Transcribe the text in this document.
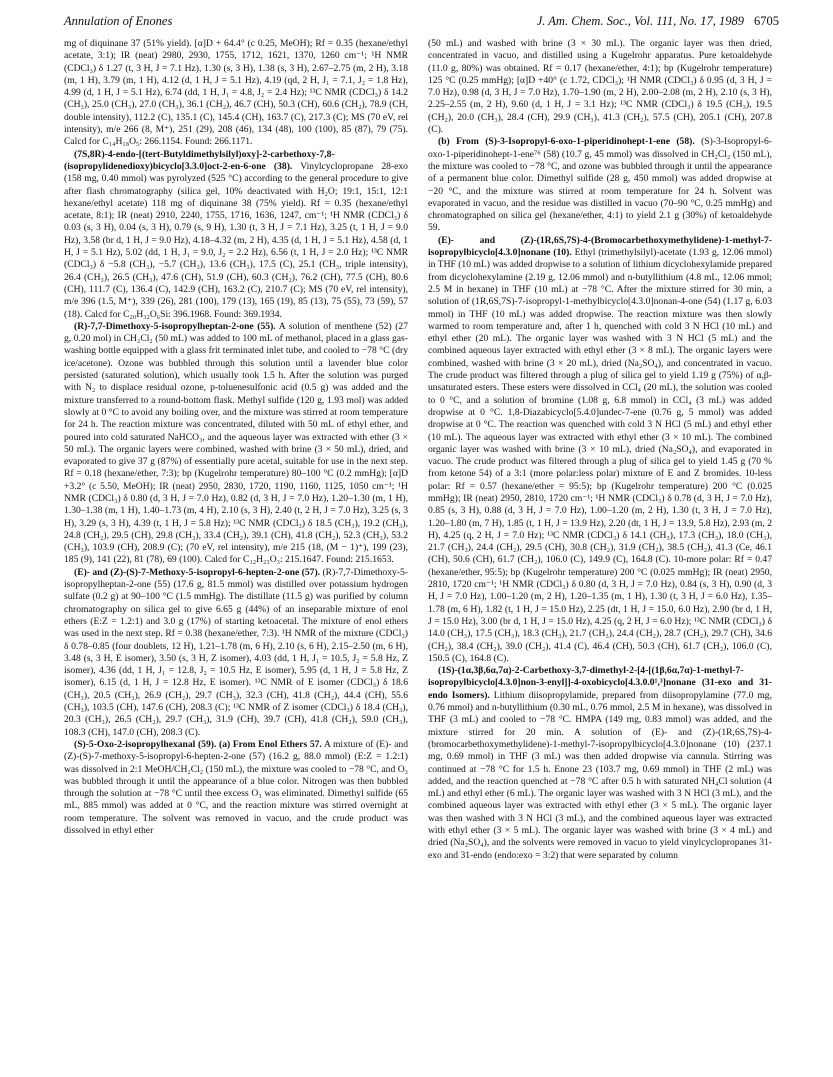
Annulation of Enones	J. Am. Chem. Soc., Vol. 111, No. 17, 1989 6705

mg of diquinane 37 (51% yield). [α]D + 64.4° (c 0.25, MeOH); Rf = 0.35 (hexane/ethyl acetate, 3:1); IR (neat) 2980, 2930, 1755, 1712, 1621, 1370, 1260 cm⁻¹; ¹H NMR (CDCl₃) δ 1.27 (t, 3 H, J = 7.1 Hz), 1.30 (s, 3 H), 1.38 (s, 3 H), 2.67–2.75 (m, 2 H), 3.18 (m, 1 H), 3.79 (m, 1 H), 4.12 (d, 1 H, J = 5.1 Hz), 4.19 (qd, 2 H, J₁ = 7.1, J₂ = 1.8 Hz), 4.99 (d, 1 H, J = 5.1 Hz), 6.74 (dd, 1 H, J₁ = 4.8, J₂ = 2.4 Hz); ¹³C NMR (CDCl₃) δ 14.2 (CH₃), 25.0 (CH₃), 27.0 (CH₃), 36.1 (CH₂), 46.7 (CH), 50.3 (CH), 60.6 (CH₂), 78.9 (CH, double intensity), 112.2 (C), 135.1 (C), 145.4 (CH), 163.7 (C), 217.3 (C); MS (70 eV, rel intensity), m/e 266 (8, M⁺), 251 (29), 208 (46), 134 (48), 100 (100), 85 (87), 79 (75). Calcd for C₁₄H₁₈O₅: 266.1154. Found: 266.1171.

(7S,8R)-4-endo-[(tert-Butyldimethylsilyl)oxy]-2-carbethoxy-7,8-(isopropylidenedioxy)bicyclo[3.3.0]oct-2-en-6-one (38). Vinylcyclopropane 28-exo (158 mg, 0.40 mmol) was pyrolyzed (525 °C) according to the general procedure to give after flash chromatography (silica gel, 10% deactivated with H₂O; 19:1, 15:1, 12:1 hexane/ethyl acetate) 118 mg of diquinane 38 (75% yield). Rf = 0.35 (hexane/ethyl acetate, 8:1); IR (neat) 2910, 2240, 1755, 1716, 1636, 1247, cm⁻¹; ¹H NMR (CDCl₃) δ 0.03 (s, 3 H), 0.04 (s, 3 H), 0.79 (s, 9 H), 1.30 (t, 3 H, J = 7.1 Hz), 3.25 (t, 1 H, J = 9.0 Hz), 3.58 (br d, 1 H, J = 9.0 Hz), 4.18–4.32 (m, 2 H), 4.35 (d, 1 H, J = 5.1 Hz), 4.58 (d, 1 H, J = 5.1 Hz), 5.02 (dd, 1 H, J₁ = 9.0, J₂ = 2.2 Hz), 6.56 (t, 1 H, J = 2.0 Hz); ¹³C NMR (CDCl₃) δ −5.8 (CH₃), −5.7 (CH₃), 13.6 (CH₃), 17.5 (C), 25.1 (CH₃, triple intensity), 26.4 (CH₃), 26.5 (CH₃), 47.6 (CH), 51.9 (CH), 60.3 (CH₂), 76.2 (CH), 77.5 (CH), 80.6 (CH), 111.7 (C), 136.4 (C), 142.9 (CH), 163.2 (C), 210.7 (C); MS (70 eV, rel intensity), m/e 396 (1.5, M⁺), 339 (26), 281 (100), 179 (13), 165 (19), 85 (13), 75 (55), 73 (59), 57 (18). Calcd for C₂₀H₃₂O₆Si: 396.1968. Found: 369.1934.

(R)-7,7-Dimethoxy-5-isopropylheptan-2-one (55). A solution of menthene (52) (27 g, 0.20 mol) in CH₂Cl₂ (50 mL) was added to 100 mL of methanol, placed in a glass gas-washing bottle equipped with a glass frit terminated inlet tube, and cooled to −78 °C (dry ice/acetone). Ozone was bubbled through this solution until a lavender blue color persisted (saturated solution), which usually took 1.5 h. After the solution was purged with N₂ to displace residual ozone, p-toluenesulfonic acid (0.5 g) was added and the mixture transferred to a round-bottom flask. Methyl sulfide (120 g, 1.93 mol) was added slowly at 0 °C to avoid any boiling over, and the mixture was stirred at room temperature for 24 h. The reaction mixture was concentrated, diluted with 50 mL of ethyl ether, and poured into cold saturated NaHCO₃, and the aqueous layer was extracted with ether (3 × 50 mL). The organic layers were combined, washed with brine (3 × 50 mL), dried, and evaporated to give 37 g (87%) of essentially pure acetal, suitable for use in the next step. Rf = 0.18 (hexane/ether, 7:3); bp (Kugelrohr temperature) 80–100 °C (0.2 mmHg); [α]D +3.2° (c 5.50, MeOH); IR (neat) 2950, 2830, 1720, 1190, 1160, 1125, 1050 cm⁻¹; ¹H NMR (CDCl₃) δ 0.80 (d, 3 H, J = 7.0 Hz), 0.82 (d, 3 H, J = 7.0 Hz), 1.20–1.30 (m, 1 H), 1.30–1.38 (m, 1 H), 1.40–1.73 (m, 4 H), 2.10 (s, 3 H), 2.40 (t, 2 H, J = 7.0 Hz), 3.25 (s, 3 H), 3.29 (s, 3 H), 4.39 (t, 1 H, J = 5.8 Hz); ¹³C NMR (CDCl₃) δ 18.5 (CH₃), 19.2 (CH₃), 24.8 (CH₂), 29.5 (CH), 29.8 (CH₃), 33.4 (CH₂), 39.1 (CH), 41.8 (CH₂), 52.3 (CH₃), 53.2 (CH₃), 103.9 (CH), 208.9 (C); (70 eV, rel intensity), m/e 215 (18, (M − 1)⁺), 199 (23), 185 (9), 141 (22), 81 (78), 69 (100). Calcd for C₁₂H₂₃O₃: 215.1647. Found: 215.1653.

(E)- and (Z)-(S)-7-Methoxy-5-isopropyl-6-hepten-2-one (57). (R)-7,7-Dimethoxy-5-isopropylheptan-2-one (55) (17.6 g, 81.5 mmol) was distilled over potassium hydrogen sulfate (0.2 g) at 90–100 °C (1.5 mmHg). The distillate (11.5 g) was purified by column chromatography on silica gel to give 6.65 g (44%) of an inseparable mixture of enol ethers (E:Z = 1.2:1) and 3.0 g (17%) of starting ketoacetal. The mixture of enol ethers was used in the next step. Rf = 0.38 (hexane/ether, 7:3). ¹H NMR of the mixture (CDCl₃) δ 0.78–0.85 (four doublets, 12 H), 1.21–1.78 (m, 6 H), 2.10 (s, 6 H), 2.15–2.50 (m, 6 H), 3.48 (s, 3 H, E isomer), 3.50 (s, 3 H, Z isomer), 4.03 (dd, 1 H, J₁ = 10.5, J₂ = 5.8 Hz, Z isomer), 4.36 (dd, 1 H, J₁ = 12.8, J₂ = 10.5 Hz, E isomer), 5.95 (d, 1 H, J = 5.8 Hz, Z isomer), 6.15 (d, 1 H, J = 12.8 Hz, E isomer). ¹³C NMR of E isomer (CDCl₃) δ 18.6 (CH₃), 20.5 (CH₃), 26.9 (CH₂), 29.7 (CH₃), 32.3 (CH), 41.8 (CH₂), 44.4 (CH), 55.6 (CH₃), 103.5 (CH), 147.6 (CH), 208.3 (C); ¹³C NMR of Z isomer (CDCl₃) δ 18.4 (CH₃), 20.3 (CH₃), 26.5 (CH₂), 29.7 (CH₃), 31.9 (CH), 39.7 (CH), 41.8 (CH₂), 59.0 (CH₃), 108.3 (CH), 147.0 (CH), 208.3 (C).

(S)-5-Oxo-2-isopropylhexanal (59). (a) From Enol Ethers 57. A mixture of (E)- and (Z)-(S)-7-methoxy-5-isopropyl-6-hepten-2-one (57) (16.2 g, 88.0 mmol) (E:Z = 1.2:1) was dissolved in 2:1 MeOH/CH₂Cl₂ (150 mL), the mixture was cooled to −78 °C, and O₃ was bubbled through it until the appearance of a blue color. Nitrogen was then bubbled through the solution at −78 °C until thee excess O₃ was eliminated. Dimethyl sulfide (65 mL, 885 mmol) was added at 0 °C, and the reaction mixture was stirred overnight at room temperature. The solvent was removed in vacuo, and the crude product was dissolved in ethyl ether

(50 mL) and washed with brine (3 × 30 mL). The organic layer was then dried, concentrated in vacuo, and distilled using a Kugelrohr apparatus. Pure ketoaldehyde (11.0 g, 80%) was obtained. Rf = 0.17 (hexane/ether, 4:1); bp (Kugelrohr temperature) 125 °C (0.25 mmHg); [α]D +40° (c 1.72, CDCl₃); ¹H NMR (CDCl₃) δ 0.95 (d, 3 H, J = 7.0 Hz), 0.98 (d, 3 H, J = 7.0 Hz), 1.70–1.90 (m, 2 H), 2.00–2.08 (m, 2 H), 2.10 (s, 3 H), 2.25–2.55 (m, 2 H), 9.60 (d, 1 H, J = 3.1 Hz); ¹³C NMR (CDCl₃) δ 19.5 (CH₃), 19.5 (CH₂), 20.0 (CH₃), 28.4 (CH), 29.9 (CH₃), 41.3 (CH₂), 57.5 (CH), 205.1 (CH), 207.8 (C).

(b) From (S)-3-Isopropyl-6-oxo-1-piperidinohept-1-ene (58). (S)-3-Isopropyl-6-oxo-1-piperidinohept-1-ene⁷⁶ (58) (10.7 g, 45 mmol) was dissolved in CH₂Cl₂ (150 mL), the mixture was cooled to −78 °C, and ozone was bubbled through it until the appearance of a permanent blue color. Dimethyl sulfide (28 g, 450 mmol) was added dropwise at −20 °C, and the mixture was stirred at room temperature for 24 h. Solvent was evaporated in vacuo, and the residue was distilled in vacuo (70–90 °C, 0.25 mmHg) and chromatographed on silica gel (hexane/ether, 4:1) to yield 2.1 g (30%) of ketoaldehyde 59.

(E)- and (Z)-(1R,6S,7S)-4-(Bromocarbethoxymethylidene)-1-methyl-7-isopropylbicyclo[4.3.0]nonane (10). Ethyl (trimethylsilyl)-acetate (1.93 g, 12.06 mmol) in THF (10 mL) was added dropwise to a solution of lithium dicyclohexylamide prepared from dicyclohexylamine (2.19 g, 12.06 mmol) and n-butyllithium (4.8 mL, 12.06 mmol; 2.5 M in hexane) in THF (10 mL) at −78 °C. After the mixture stirred for 30 min, a solution of (1R,6S,7S)-7-isopropyl-1-methylbicyclo[4.3.0]nonan-4-one (54) (1.17 g, 6.03 mmol) in THF (10 mL) was added dropwise. The reaction mixture was then slowly warmed to room temperature and, after 1 h, quenched with cold 3 N HCl (10 mL) and ethyl ether (20 mL). The organic layer was washed with 3 N HCl (5 mL) and the combined aqueous layer extracted with ethyl ether (3 × 8 mL). The organic layers were combined, washed with brine (3 × 20 mL), dried (Na₂SO₄), and concentrated in vacuo. The crude product was filtered through a plug of silica gel to yield 1.19 g (75%) of α,β-unsaturated esters. These esters were dissolved in CCl₄ (20 mL), the solution was cooled to 0 °C, and a solution of bromine (1.08 g, 6.8 mmol) in CCl₄ (3 mL) was added dropwise at 0 °C. 1,8-Diazabicyclo[5.4.0]undec-7-ene (0.76 g, 5 mmol) was added dropwise at 0 °C. The reaction was quenched with cold 3 N HCl (5 mL) and ethyl ether (10 mL). The aqueous layer was extracted with ethyl ether (3 × 10 mL). The combined organic layer was washed with brine (3 × 10 mL), dried (Na₂SO₄), and evaporated in vacuo. The crude product was filtered through a plug of silica gel to yield 1.45 g (70 % from ketone 54) of a 3:1 (more polar:less polar) mixture of E and Z bromides. 10-less polar: Rf = 0.57 (hexane/ether = 95:5); bp (Kugelrohr temperature) 200 °C (0.025 mmHg); IR (neat) 2950, 2810, 1720 cm⁻¹; ¹H NMR (CDCl₃) δ 0.78 (d, 3 H, J = 7.0 Hz), 0.85 (s, 3 H), 0.88 (d, 3 H, J = 7.0 Hz), 1.00–1.20 (m, 2 H), 1.30 (t, 3 H, J = 7.0 Hz), 1.20–1.80 (m, 7 H), 1.85 (t, 1 H, J = 13.9 Hz), 2.20 (dt, 1 H, J = 13.9, 5.8 Hz), 2.93 (m, 2 H), 4.25 (q, 2 H, J = 7.0 Hz); ¹³C NMR (CDCl₃) δ 14.1 (CH₃), 17.3 (CH₃), 18.0 (CH₃), 21.7 (CH₃), 24.4 (CH₂), 29.5 (CH), 30.8 (CH₂), 31.9 (CH₂), 38.5 (CH₂), 41.3 (Ce, 46.1 (CH), 50.6 (CH), 61.7 (CH₂), 106.0 (C), 149.9 (C), 164.8 (C). 10-more polar: Rf = 0.47 (hexane/ether, 95:5); bp (Kugelrohr temperature) 200 °C (0.025 mmHg); IR (neat) 2950, 2810, 1720 cm⁻¹; ¹H NMR (CDCl₃) δ 0.80 (d, 3 H, J = 7.0 Hz), 0.84 (s, 3 H), 0.90 (d, 3 H, J = 7.0 Hz), 1.00–1.20 (m, 2 H), 1.20–1.35 (m, 1 H), 1.30 (t, 3 H, J = 6.0 Hz), 1.35–1.78 (m, 6 H), 1.82 (t, 1 H, J = 15.0 Hz), 2.25 (dt, 1 H, J = 15.0, 6.0 Hz), 2.90 (br d, 1 H, J = 15.0 Hz), 3.00 (br d, 1 H, J = 15.0 Hz), 4.25 (q, 2 H, J = 6.0 Hz); ¹³C NMR (CDCl₃) δ 14.0 (CH₃), 17.5 (CH₃), 18.3 (CH₃), 21.7 (CH₃), 24.4 (CH₂), 28.7 (CH₂), 29.7 (CH), 34.6 (CH₂), 38.4 (CH₂), 39.0 (CH₂), 41.4 (C), 46.4 (CH), 50.3 (CH), 61.7 (CH₂), 106.0 (C), 150.5 (C), 164.8 (C).

(1S)-(1α,3β,6α,7α)-2-Carbethoxy-3,7-dimethyl-2-[4-[(1β,6α,7α)-1-methyl-7-isopropylbicyclo[4.3.0]non-3-enyl]]-4-oxobicyclo[4.3.0.0¹,³]nonane (31-exo and 31-endo Isomers). Lithium diisopropylamide, prepared from diisopropylamine (77.0 mg, 0.76 mmol) and n-butyllithium (0.30 mL, 0.76 mmol, 2.5 M in hexane), was dissolved in THF (3 mL) and cooled to −78 °C. HMPA (149 mg, 0.83 mmol) was added, and the mixture stirred for 20 min. A solution of (E)- and (Z)-(1R,6S,7S)-4-(bromocarbethoxymethylidene)-1-methyl-7-isopropylbicyclo[4.3.0]nonane (10) (237.1 mg, 0.69 mmol) in THF (3 mL) was then added dropwise via cannula. Stirring was continued at −78 °C for 1.5 h. Enone 23 (103.7 mg, 0.69 mmol) in THF (2 mL) was added, and the reaction quenched at −78 °C after 0.5 h with saturated NH₄Cl solution (4 mL) and ethyl ether (6 mL). The organic layer was washed with 3 N HCl (3 mL), and the combined aqueous layer was extracted with ethyl ether (3 × 5 mL). The organic layer was then washed with 3 N HCl (3 mL), and the combined aqueous layer was extracted with ethyl ether (3 × 5 mL). The organic layer was washed with brine (3 × 4 mL) and dried (Na₂SO₄), and the solvents were removed in vacuo to yield vinylcyclopropanes 31-exo and 31-endo (endo:exo = 3:2) that were separated by column
